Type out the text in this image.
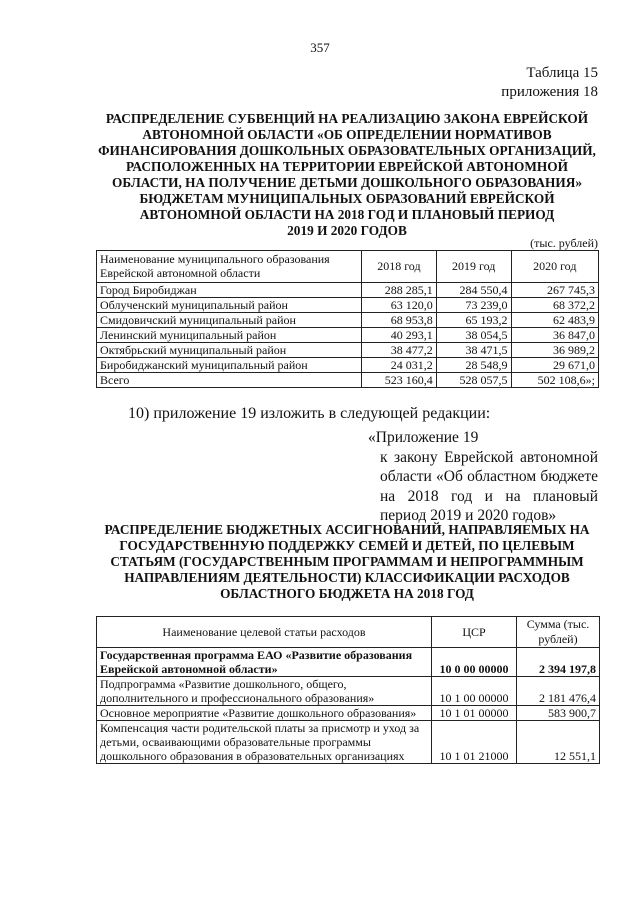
357
Таблица 15
приложения 18
РАСПРЕДЕЛЕНИЕ СУБВЕНЦИЙ НА РЕАЛИЗАЦИЮ ЗАКОНА ЕВРЕЙСКОЙ
АВТОНОМНОЙ ОБЛАСТИ «ОБ ОПРЕДЕЛЕНИИ НОРМАТИВОВ
ФИНАНСИРОВАНИЯ ДОШКОЛЬНЫХ ОБРАЗОВАТЕЛЬНЫХ ОРГАНИЗАЦИЙ,
РАСПОЛОЖЕННЫХ НА ТЕРРИТОРИИ ЕВРЕЙСКОЙ АВТОНОМНОЙ
ОБЛАСТИ, НА ПОЛУЧЕНИЕ ДЕТЬМИ ДОШКОЛЬНОГО ОБРАЗОВАНИЯ»
БЮДЖЕТАМ МУНИЦИПАЛЬНЫХ ОБРАЗОВАНИЙ ЕВРЕЙСКОЙ
АВТОНОМНОЙ ОБЛАСТИ НА 2018 ГОД И ПЛАНОВЫЙ ПЕРИОД
2019 И 2020 ГОДОВ
(тыс. рублей)
Наименование муниципального образования Еврейской автономной области	2018 год	2019 год	2020 год
Город Биробиджан	288 285,1	284 550,4	267 745,3
Облученский муниципальный район	63 120,0	73 239,0	68 372,2
Смидовичский муниципальный район	68 953,8	65 193,2	62 483,9
Ленинский муниципальный район	40 293,1	38 054,5	36 847,0
Октябрьский муниципальный район	38 477,2	38 471,5	36 989,2
Биробиджанский муниципальный район	24 031,2	28 548,9	29 671,0
Всего	523 160,4	528 057,5	502 108,6»;
10) приложение 19 изложить в следующей редакции:
«Приложение 19
к закону Еврейской автономной области «Об областном бюджете на 2018 год и на плановый период 2019 и 2020 годов»
РАСПРЕДЕЛЕНИЕ БЮДЖЕТНЫХ АССИГНОВАНИЙ, НАПРАВЛЯЕМЫХ НА
ГОСУДАРСТВЕННУЮ ПОДДЕРЖКУ СЕМЕЙ И ДЕТЕЙ, ПО ЦЕЛЕВЫМ
СТАТЬЯМ (ГОСУДАРСТВЕННЫМ ПРОГРАММАМ И НЕПРОГРАММНЫМ
НАПРАВЛЕНИЯМ ДЕЯТЕЛЬНОСТИ) КЛАССИФИКАЦИИ РАСХОДОВ
ОБЛАСТНОГО БЮДЖЕТА НА 2018 ГОД
Наименование целевой статьи расходов	ЦСР	Сумма (тыс. рублей)
Государственная программа ЕАО «Развитие образования Еврейской автономной области»	10 0 00 00000	2 394 197,8
Подпрограмма «Развитие дошкольного, общего, дополнительного и профессионального образования»	10 1 00 00000	2 181 476,4
Основное мероприятие «Развитие дошкольного образования»	10 1 01 00000	583 900,7
Компенсация части родительской платы за присмотр и уход за детьми, осваивающими образовательные программы дошкольного образования в образовательных организациях	10 1 01 21000	12 551,1
